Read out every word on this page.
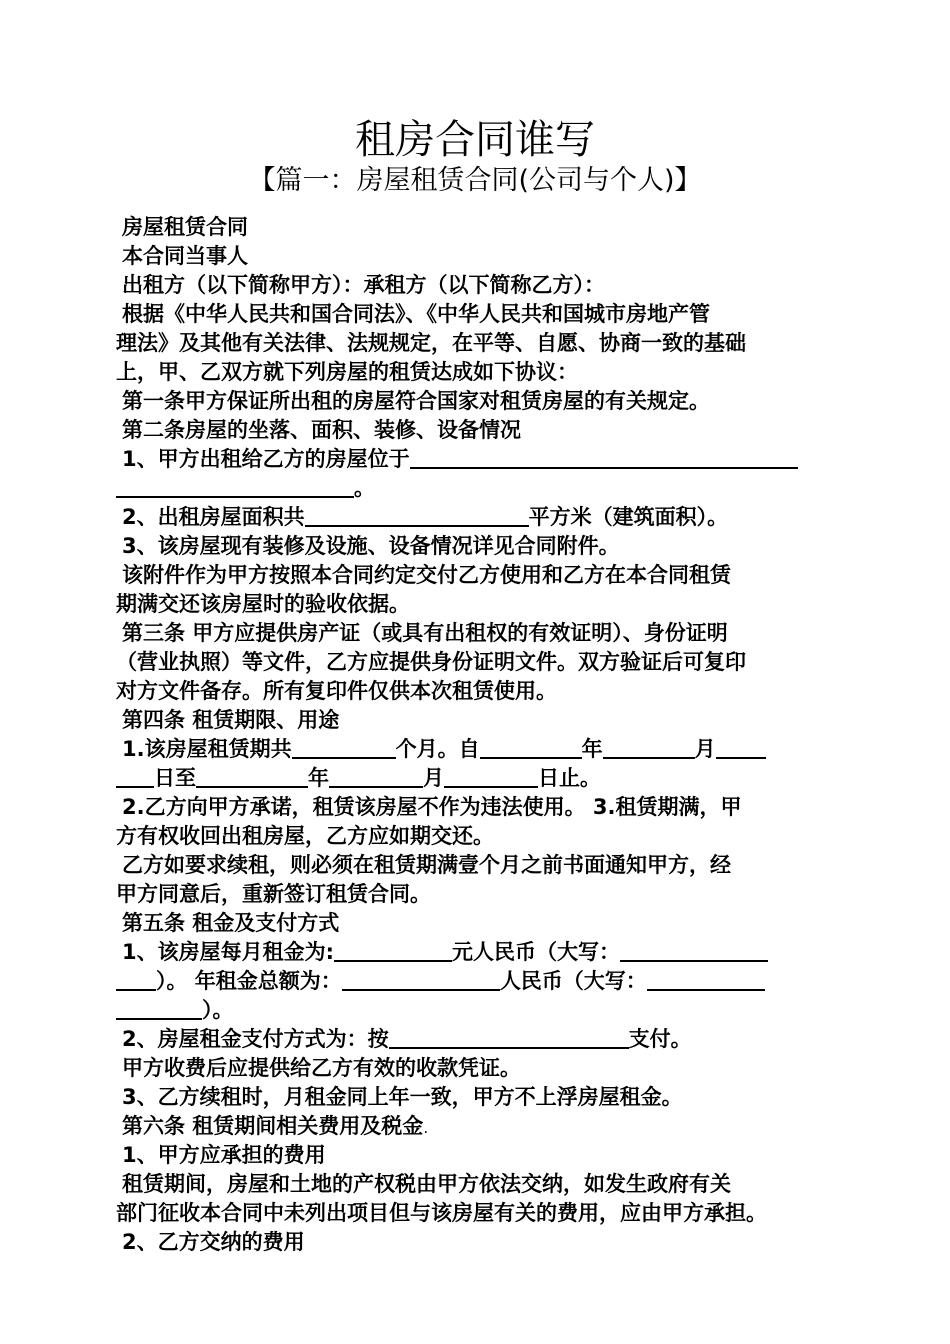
租房合同谁写
【篇一：房屋租赁合同(公司与个人)】
房屋租赁合同
本合同当事人
出租方（以下简称甲方）：承租方（以下简称乙方）：
根据《中华人民共和国合同法》、《中华人民共和国城市房地产管
理法》及其他有关法律、法规规定，在平等、自愿、协商一致的基础
上，甲、乙双方就下列房屋的租赁达成如下协议：
第一条甲方保证所出租的房屋符合国家对租赁房屋的有关规定。
第二条房屋的坐落、面积、装修、设备情况
1、甲方出租给乙方的房屋位于
。
2、出租房屋面积共	平方米（建筑面积）。
3、该房屋现有装修及设施、设备情况详见合同附件。
该附件作为甲方按照本合同约定交付乙方使用和乙方在本合同租赁
期满交还该房屋时的验收依据。
第三条 甲方应提供房产证（或具有出租权的有效证明）、身份证明
（营业执照）等文件，乙方应提供身份证明文件。双方验证后可复印
对方文件备存。所有复印件仅供本次租赁使用。
第四条 租赁期限、用途
1.该房屋租赁期共	个月。自	年	月
日至	年	月	日止。
2.乙方向甲方承诺，租赁该房屋不作为违法使用。 3.租赁期满，甲
方有权收回出租房屋，乙方应如期交还。
乙方如要求续租，则必须在租赁期满壹个月之前书面通知甲方，经
甲方同意后，重新签订租赁合同。
第五条 租金及支付方式
1、该房屋每月租金为:	元人民币（大写：
）。 年租金总额为：	人民币（大写：
）。
2、房屋租金支付方式为：按	支付。
甲方收费后应提供给乙方有效的收款凭证。
3、乙方续租时，月租金同上年一致，甲方不上浮房屋租金。
第六条 租赁期间相关费用及税金.
1、甲方应承担的费用
租赁期间，房屋和土地的产权税由甲方依法交纳，如发生政府有关
部门征收本合同中未列出项目但与该房屋有关的费用，应由甲方承担。
2、乙方交纳的费用
